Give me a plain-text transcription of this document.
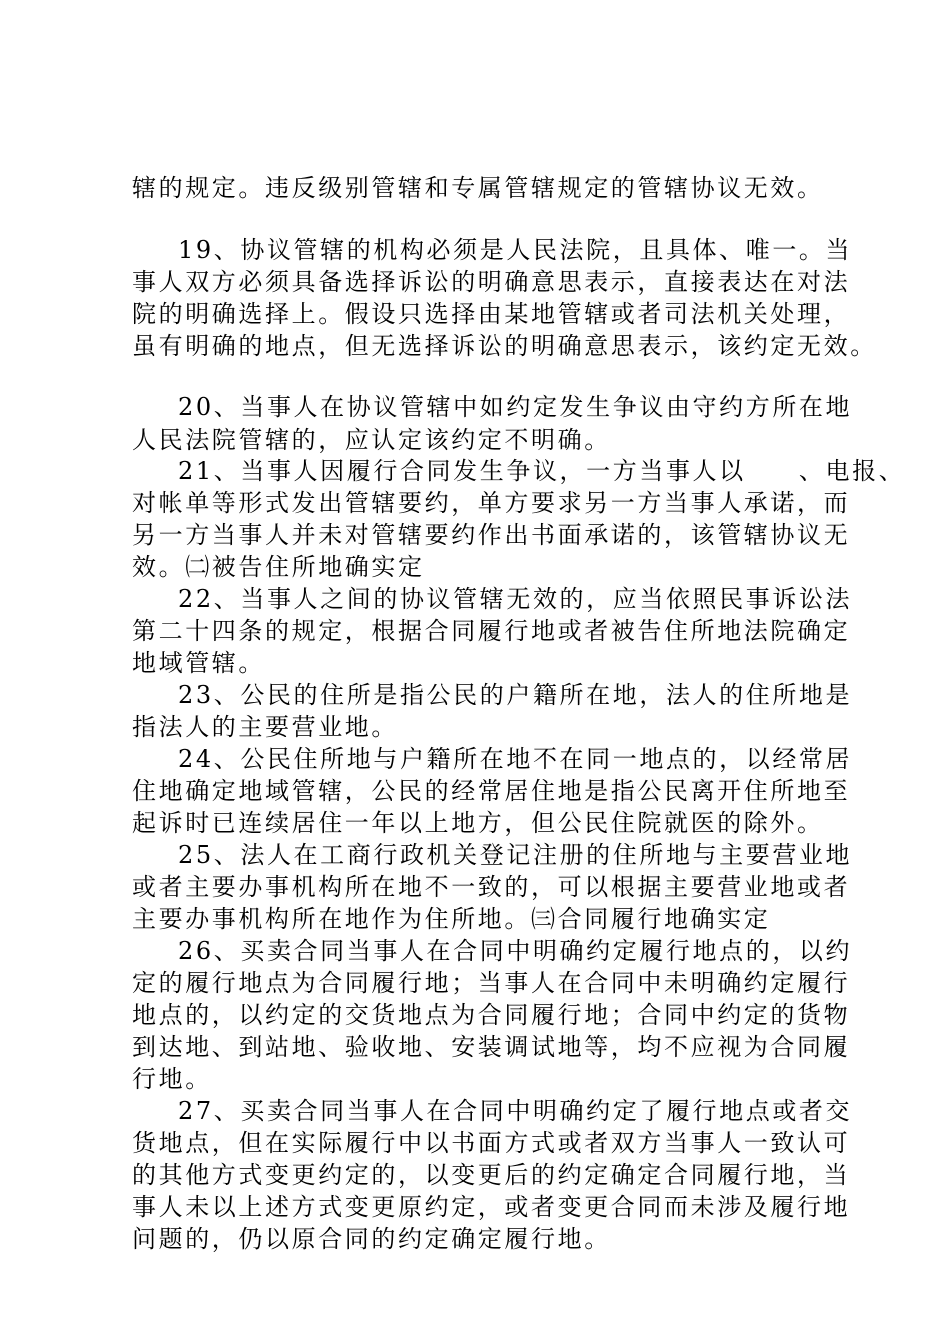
辖的规定。违反级别管辖和专属管辖规定的管辖协议无效。
19、协议管辖的机构必须是人民法院，且具体、唯一。当
事人双方必须具备选择诉讼的明确意思表示，直接表达在对法
院的明确选择上。假设只选择由某地管辖或者司法机关处理，
虽有明确的地点，但无选择诉讼的明确意思表示，该约定无效。
20、当事人在协议管辖中如约定发生争议由守约方所在地
人民法院管辖的，应认定该约定不明确。
21、当事人因履行合同发生争议，一方当事人以　　、电报、
对帐单等形式发出管辖要约，单方要求另一方当事人承诺，而
另一方当事人并未对管辖要约作出书面承诺的，该管辖协议无
效。㈡被告住所地确实定
22、当事人之间的协议管辖无效的，应当依照民事诉讼法
第二十四条的规定，根据合同履行地或者被告住所地法院确定
地域管辖。
23、公民的住所是指公民的户籍所在地，法人的住所地是
指法人的主要营业地。
24、公民住所地与户籍所在地不在同一地点的，以经常居
住地确定地域管辖，公民的经常居住地是指公民离开住所地至
起诉时已连续居住一年以上地方，但公民住院就医的除外。
25、法人在工商行政机关登记注册的住所地与主要营业地
或者主要办事机构所在地不一致的，可以根据主要营业地或者
主要办事机构所在地作为住所地。㈢合同履行地确实定
26、买卖合同当事人在合同中明确约定履行地点的，以约
定的履行地点为合同履行地；当事人在合同中未明确约定履行
地点的，以约定的交货地点为合同履行地；合同中约定的货物
到达地、到站地、验收地、安装调试地等，均不应视为合同履
行地。
27、买卖合同当事人在合同中明确约定了履行地点或者交
货地点，但在实际履行中以书面方式或者双方当事人一致认可
的其他方式变更约定的，以变更后的约定确定合同履行地，当
事人未以上述方式变更原约定，或者变更合同而未涉及履行地
问题的，仍以原合同的约定确定履行地。
